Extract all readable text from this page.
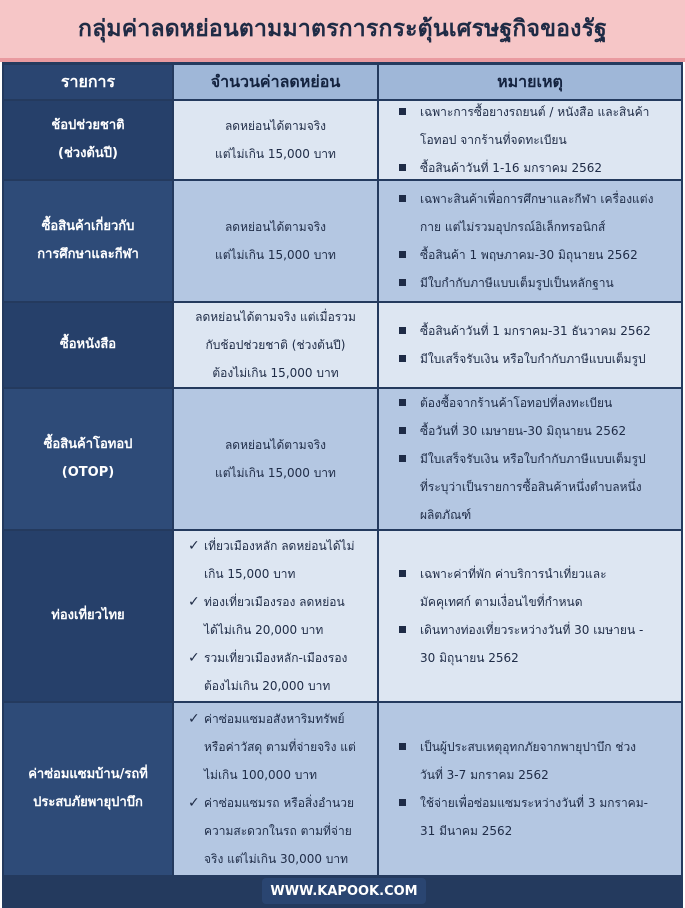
กลุ่มค่าลดหย่อนตามมาตรการกระตุ้นเศรษฐกิจของรัฐ
รายการ	จำนวนค่าลดหย่อน	หมายเหตุ
ช้อปช่วยชาติ
(ช่วงต้นปี)
ลดหย่อนได้ตามจริง
แต่ไม่เกิน 15,000 บาท
เฉพาะการซื้อยางรถยนต์ / หนังสือ และสินค้า
โอทอป จากร้านที่จดทะเบียน
ซื้อสินค้าวันที่ 1-16 มกราคม 2562
ซื้อสินค้าเกี่ยวกับ
การศึกษาและกีฬา
ลดหย่อนได้ตามจริง
แต่ไม่เกิน 15,000 บาท
เฉพาะสินค้าเพื่อการศึกษาและกีฬา เครื่องแต่ง
กาย แต่ไม่รวมอุปกรณ์อิเล็กทรอนิกส์
ซื้อสินค้า 1 พฤษภาคม-30 มิถุนายน 2562
มีใบกำกับภาษีแบบเต็มรูปเป็นหลักฐาน
ซื้อหนังสือ
ลดหย่อนได้ตามจริง แต่เมื่อรวม
กับช้อปช่วยชาติ (ช่วงต้นปี)
ต้องไม่เกิน 15,000 บาท
ซื้อสินค้าวันที่ 1 มกราคม-31 ธันวาคม 2562
มีใบเสร็จรับเงิน หรือใบกำกับภาษีแบบเต็มรูป
ซื้อสินค้าโอทอป
(OTOP)
ลดหย่อนได้ตามจริง
แต่ไม่เกิน 15,000 บาท
ต้องซื้อจากร้านค้าโอทอปที่ลงทะเบียน
ซื้อวันที่ 30 เมษายน-30 มิถุนายน 2562
มีใบเสร็จรับเงิน หรือใบกำกับภาษีแบบเต็มรูป
ที่ระบุว่าเป็นรายการซื้อสินค้าหนึ่งตำบลหนึ่ง
ผลิตภัณฑ์
ท่องเที่ยวไทย
✓ เที่ยวเมืองหลัก ลดหย่อนได้ไม่
เกิน 15,000 บาท
✓ ท่องเที่ยวเมืองรอง ลดหย่อน
ได้ไม่เกิน 20,000 บาท
✓ รวมเที่ยวเมืองหลัก-เมืองรอง
ต้องไม่เกิน 20,000 บาท
เฉพาะค่าที่พัก ค่าบริการนำเที่ยวและ
มัคคุเทศก์ ตามเงื่อนไขที่กำหนด
เดินทางท่องเที่ยวระหว่างวันที่ 30 เมษายน -
30 มิถุนายน 2562
ค่าซ่อมแซมบ้าน/รถที่
ประสบภัยพายุปาบึก
✓ ค่าซ่อมแซมอสังหาริมทรัพย์
หรือค่าวัสดุ ตามที่จ่ายจริง แต่
ไม่เกิน 100,000 บาท
✓ ค่าซ่อมแซมรถ หรือสิ่งอำนวย
ความสะดวกในรถ ตามที่จ่าย
จริง แต่ไม่เกิน 30,000 บาท
เป็นผู้ประสบเหตุอุทกภัยจากพายุปาบึก ช่วง
วันที่ 3-7 มกราคม 2562
ใช้จ่ายเพื่อซ่อมแซมระหว่างวันที่ 3 มกราคม-
31 มีนาคม 2562
WWW.KAPOOK.COM
